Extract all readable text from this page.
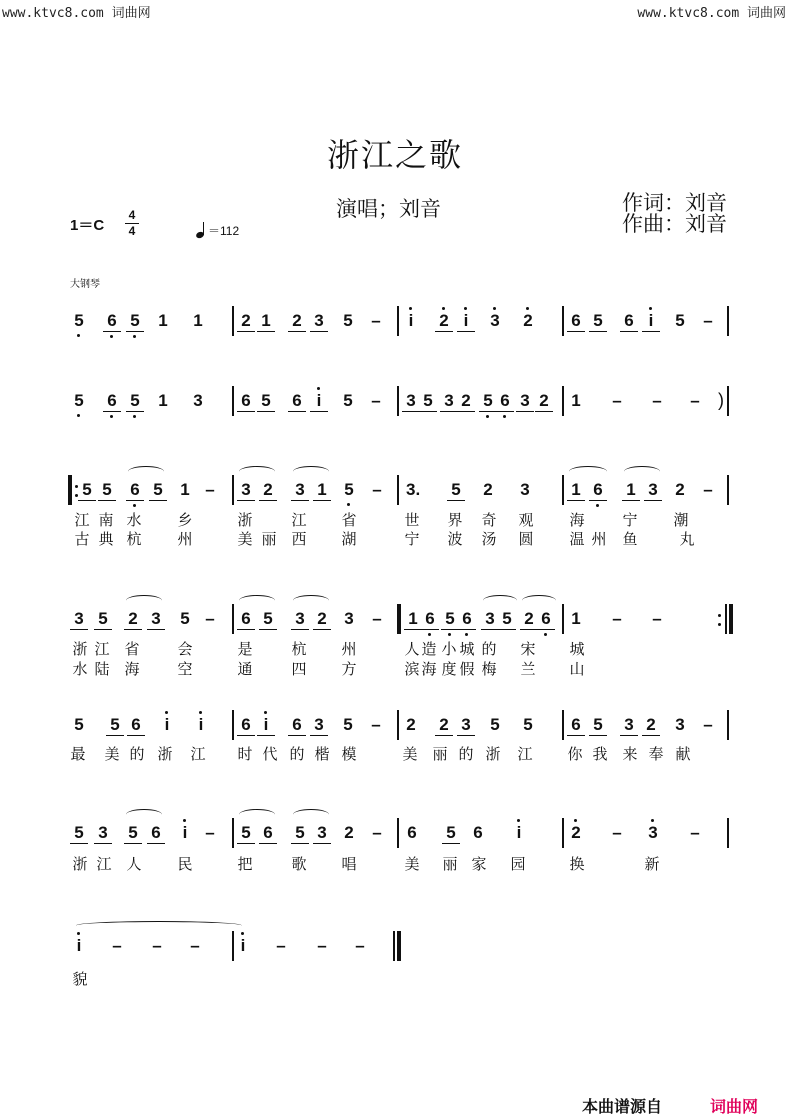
www.ktvc8.com 词曲网	www.ktvc8.com 词曲网
浙江之歌
演唱；刘音	作词：刘音
作曲：刘音
1＝C
4
4	＝112
大钢琴
5 6 5 1 1 2 1 2 3 5 – i 2 i 3 2 6 5 6 i 5 –
5 6 5 1 3 6 5 6 i 5 – 3 5 3 2 5 6 3 2 1 – – – )
5 5 6 5 1 – 3 2 3 1 5 – 3. 5 2 3 1 6 1 3 2 –
江 南 水 乡	浙	江 省	世 界 奇 观 海	宁 潮
古 典 杭 州	美 丽 西 湖	宁 波 汤 圆 温 州 鱼	丸
3 5 2 3 5 – 6 5 3 2 3 – 1 6 5 6 3 5 2 6 1 – –
浙 江 省	会	是	杭 州	人 造 小 城 的 宋 城
水 陆 海	空	通	四 方	滨 海 度 假 梅 兰 山
5 5 6 i i 6 i 6 3 5 – 2 2 3 5 5 6 5 3 2 3 –
最 美 的 浙 江 时 代 的 楷 模	美 丽 的 浙 江 你 我 来 奉 献
5 3 5 6 i – 5 6 5 3 2 – 6 5 6 i	2 – 3 –
浙 江 人 民	把	歌 唱	美 丽 家 园	换	新
i – – – i – – –
貌
本曲谱源自	词曲网
